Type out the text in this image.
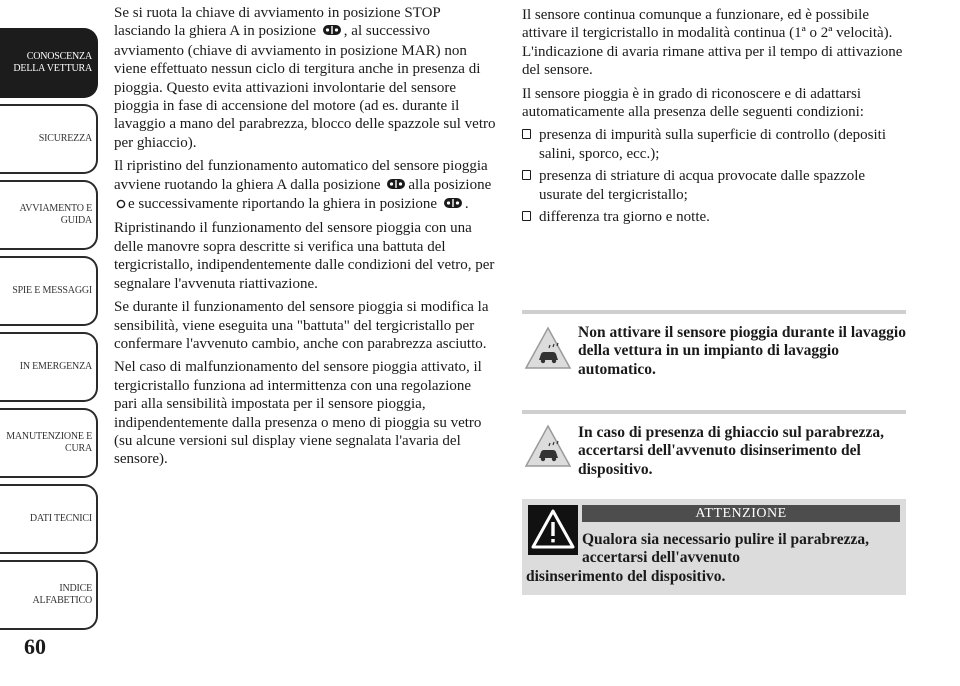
CONOSCENZA DELLA VETTURA
SICUREZZA
AVVIAMENTO E GUIDA
SPIE E MESSAGGI
IN EMERGENZA
MANUTENZIONE E CURA
DATI TECNICI
INDICE ALFABETICO
60

Se si ruota la chiave di avviamento in posizione STOP lasciando la ghiera A in posizione , al successivo avviamento (chiave di avviamento in posizione MAR) non viene effettuato nessun ciclo di tergitura anche in presenza di pioggia. Questo evita attivazioni involontarie del sensore pioggia in fase di accensione del motore (ad es. durante il lavaggio a mano del parabrezza, blocco delle spazzole sul vetro per ghiaccio).

Il ripristino del funzionamento automatico del sensore pioggia avviene ruotando la ghiera A dalla posizione alla posizione e successivamente riportando la ghiera in posizione .

Ripristinando il funzionamento del sensore pioggia con una delle manovre sopra descritte si verifica una battuta del tergicristallo, indipendentemente dalle condizioni del vetro, per segnalare l'avvenuta riattivazione.

Se durante il funzionamento del sensore pioggia si modifica la sensibilità, viene eseguita una "battuta" del tergicristallo per confermare l'avvenuto cambio, anche con parabrezza asciutto.

Nel caso di malfunzionamento del sensore pioggia attivato, il tergicristallo funziona ad intermittenza con una regolazione pari alla sensibilità impostata per il sensore pioggia, indipendentemente dalla presenza o meno di pioggia su vetro (su alcune versioni sul display viene segnalata l'avaria del sensore).

Il sensore continua comunque a funzionare, ed è possibile attivare il tergicristallo in modalità continua (1ª o 2ª velocità). L'indicazione di avaria rimane attiva per il tempo di attivazione del sensore.

Il sensore pioggia è in grado di riconoscere e di adattarsi automaticamente alla presenza delle seguenti condizioni:

presenza di impurità sulla superficie di controllo (depositi salini, sporco, ecc.);
presenza di striature di acqua provocate dalle spazzole usurate del tergicristallo;
differenza tra giorno e notte.
Non attivare il sensore pioggia durante il lavaggio della vettura in un impianto di lavaggio automatico.
In caso di presenza di ghiaccio sul parabrezza, accertarsi dell'avvenuto disinserimento del dispositivo.
ATTENZIONE
Qualora sia necessario pulire il parabrezza, accertarsi dell'avvenuto
disinserimento del dispositivo.
